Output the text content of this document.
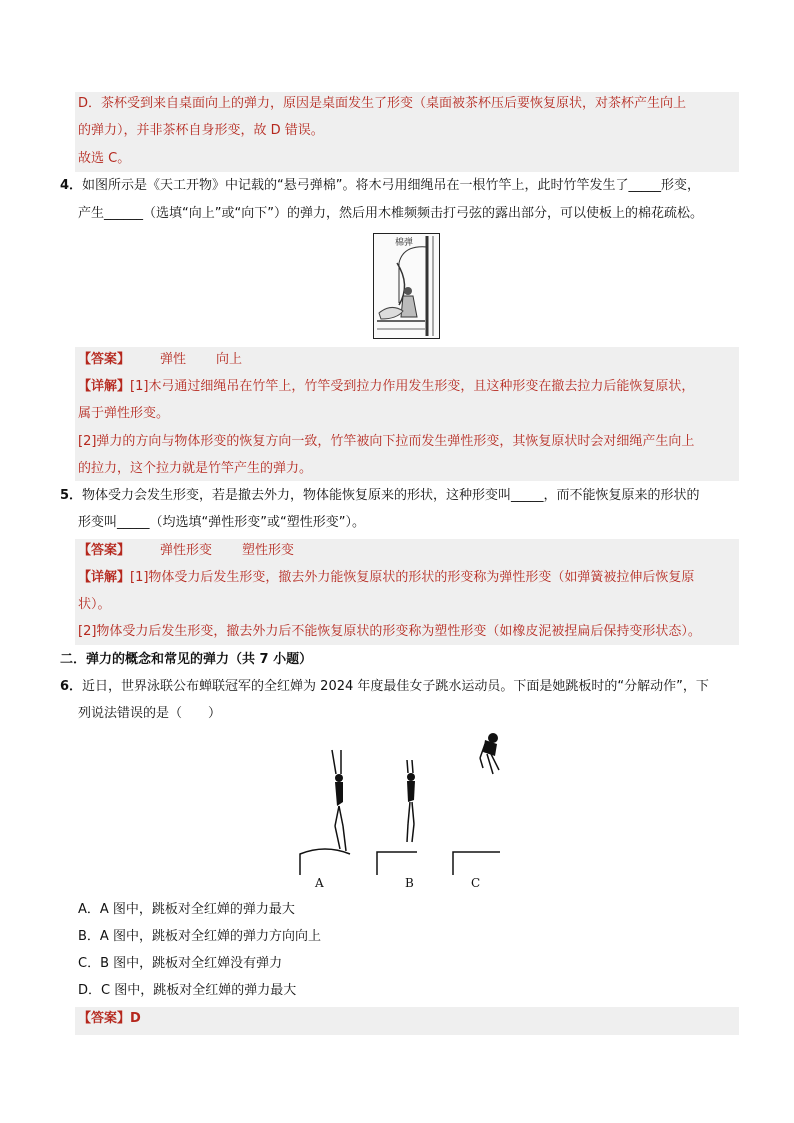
D．茶杯受到来自桌面向上的弹力，原因是桌面发生了形变（桌面被茶杯压后要恢复原状，对茶杯产生向上
的弹力），并非茶杯自身形变，故 D 错误。
故选 C。
4．如图所示是《天工开物》中记载的“悬弓弹棉”。将木弓用细绳吊在一根竹竿上，此时竹竿发生了_____形变，
产生______（选填“向上”或“向下”）的弹力，然后用木椎频频击打弓弦的露出部分，可以使板上的棉花疏松。
棉弹
【答案】 弹性 向上
【详解】[1]木弓通过细绳吊在竹竿上，竹竿受到拉力作用发生形变，且这种形变在撤去拉力后能恢复原状，
属于弹性形变。
[2]弹力的方向与物体形变的恢复方向一致，竹竿被向下拉而发生弹性形变，其恢复原状时会对细绳产生向上
的拉力，这个拉力就是竹竿产生的弹力。
5．物体受力会发生形变，若是撤去外力，物体能恢复原来的形状，这种形变叫_____，而不能恢复原来的形状的
形变叫_____（均选填“弹性形变”或“塑性形变”）。
【答案】 弹性形变 塑性形变
【详解】[1]物体受力后发生形变，撤去外力能恢复原状的形状的形变称为弹性形变（如弹簧被拉伸后恢复原
状）。
[2]物体受力后发生形变，撤去外力后不能恢复原状的形变称为塑性形变（如橡皮泥被捏扁后保持变形状态）。
二．弹力的概念和常见的弹力（共 7 小题）
6．近日，世界泳联公布蝉联冠军的全红婵为 2024 年度最佳女子跳水运动员。下面是她跳板时的“分解动作”，下
列说法错误的是（　　）
A	B	C
A．A 图中，跳板对全红婵的弹力最大
B．A 图中，跳板对全红婵的弹力方向向上
C．B 图中，跳板对全红婵没有弹力
D．C 图中，跳板对全红婵的弹力最大
【答案】D
